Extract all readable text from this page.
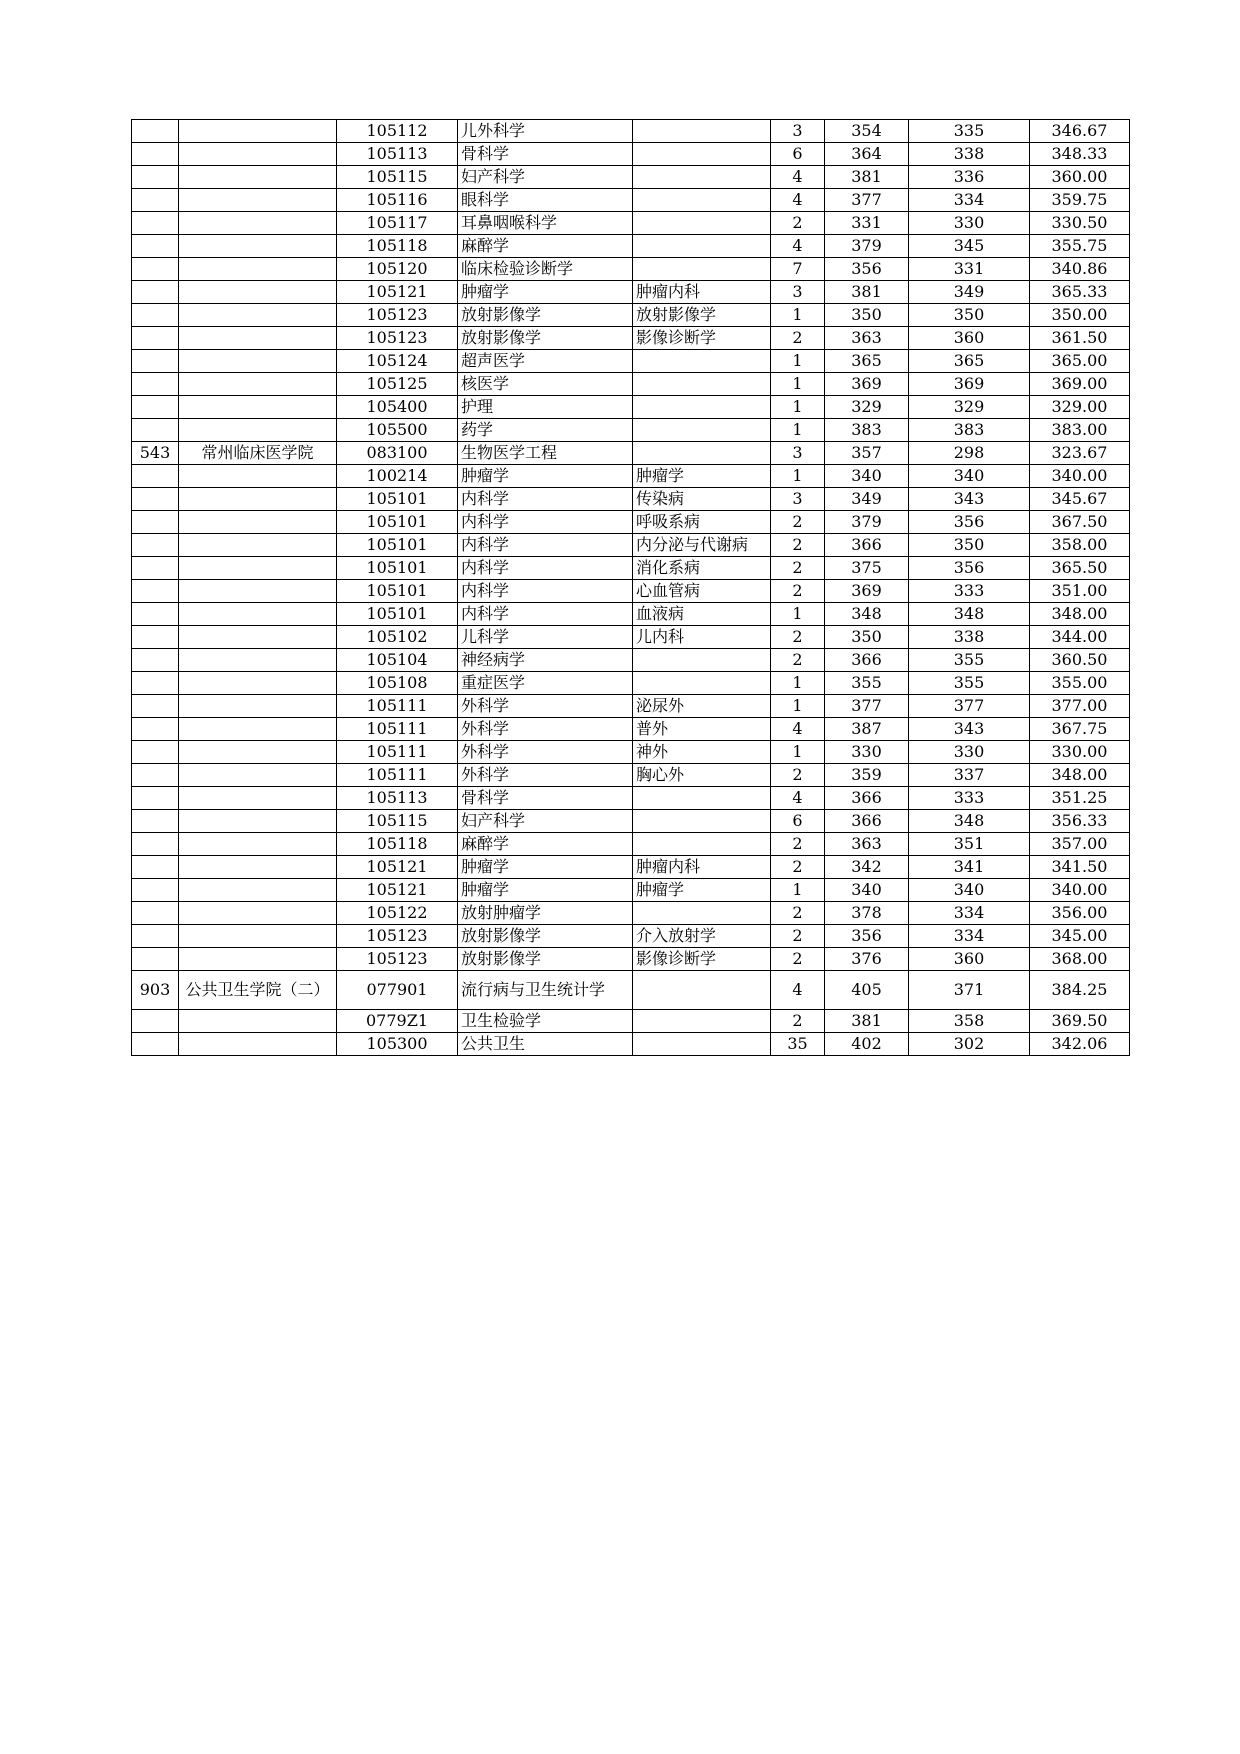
		105112	儿外科学		3	354	335	346.67
		105113	骨科学		6	364	338	348.33
		105115	妇产科学		4	381	336	360.00
		105116	眼科学		4	377	334	359.75
		105117	耳鼻咽喉科学		2	331	330	330.50
		105118	麻醉学		4	379	345	355.75
		105120	临床检验诊断学		7	356	331	340.86
		105121	肿瘤学	肿瘤内科	3	381	349	365.33
		105123	放射影像学	放射影像学	1	350	350	350.00
		105123	放射影像学	影像诊断学	2	363	360	361.50
		105124	超声医学		1	365	365	365.00
		105125	核医学		1	369	369	369.00
		105400	护理		1	329	329	329.00
		105500	药学		1	383	383	383.00
543	常州临床医学院	083100	生物医学工程		3	357	298	323.67
		100214	肿瘤学	肿瘤学	1	340	340	340.00
		105101	内科学	传染病	3	349	343	345.67
		105101	内科学	呼吸系病	2	379	356	367.50
		105101	内科学	内分泌与代谢病	2	366	350	358.00
		105101	内科学	消化系病	2	375	356	365.50
		105101	内科学	心血管病	2	369	333	351.00
		105101	内科学	血液病	1	348	348	348.00
		105102	儿科学	儿内科	2	350	338	344.00
		105104	神经病学		2	366	355	360.50
		105108	重症医学		1	355	355	355.00
		105111	外科学	泌尿外	1	377	377	377.00
		105111	外科学	普外	4	387	343	367.75
		105111	外科学	神外	1	330	330	330.00
		105111	外科学	胸心外	2	359	337	348.00
		105113	骨科学		4	366	333	351.25
		105115	妇产科学		6	366	348	356.33
		105118	麻醉学		2	363	351	357.00
		105121	肿瘤学	肿瘤内科	2	342	341	341.50
		105121	肿瘤学	肿瘤学	1	340	340	340.00
		105122	放射肿瘤学		2	378	334	356.00
		105123	放射影像学	介入放射学	2	356	334	345.00
		105123	放射影像学	影像诊断学	2	376	360	368.00
903	公共卫生学院（二）	077901	流行病与卫生统计学		4	405	371	384.25
		0779Z1	卫生检验学		2	381	358	369.50
		105300	公共卫生		35	402	302	342.06
